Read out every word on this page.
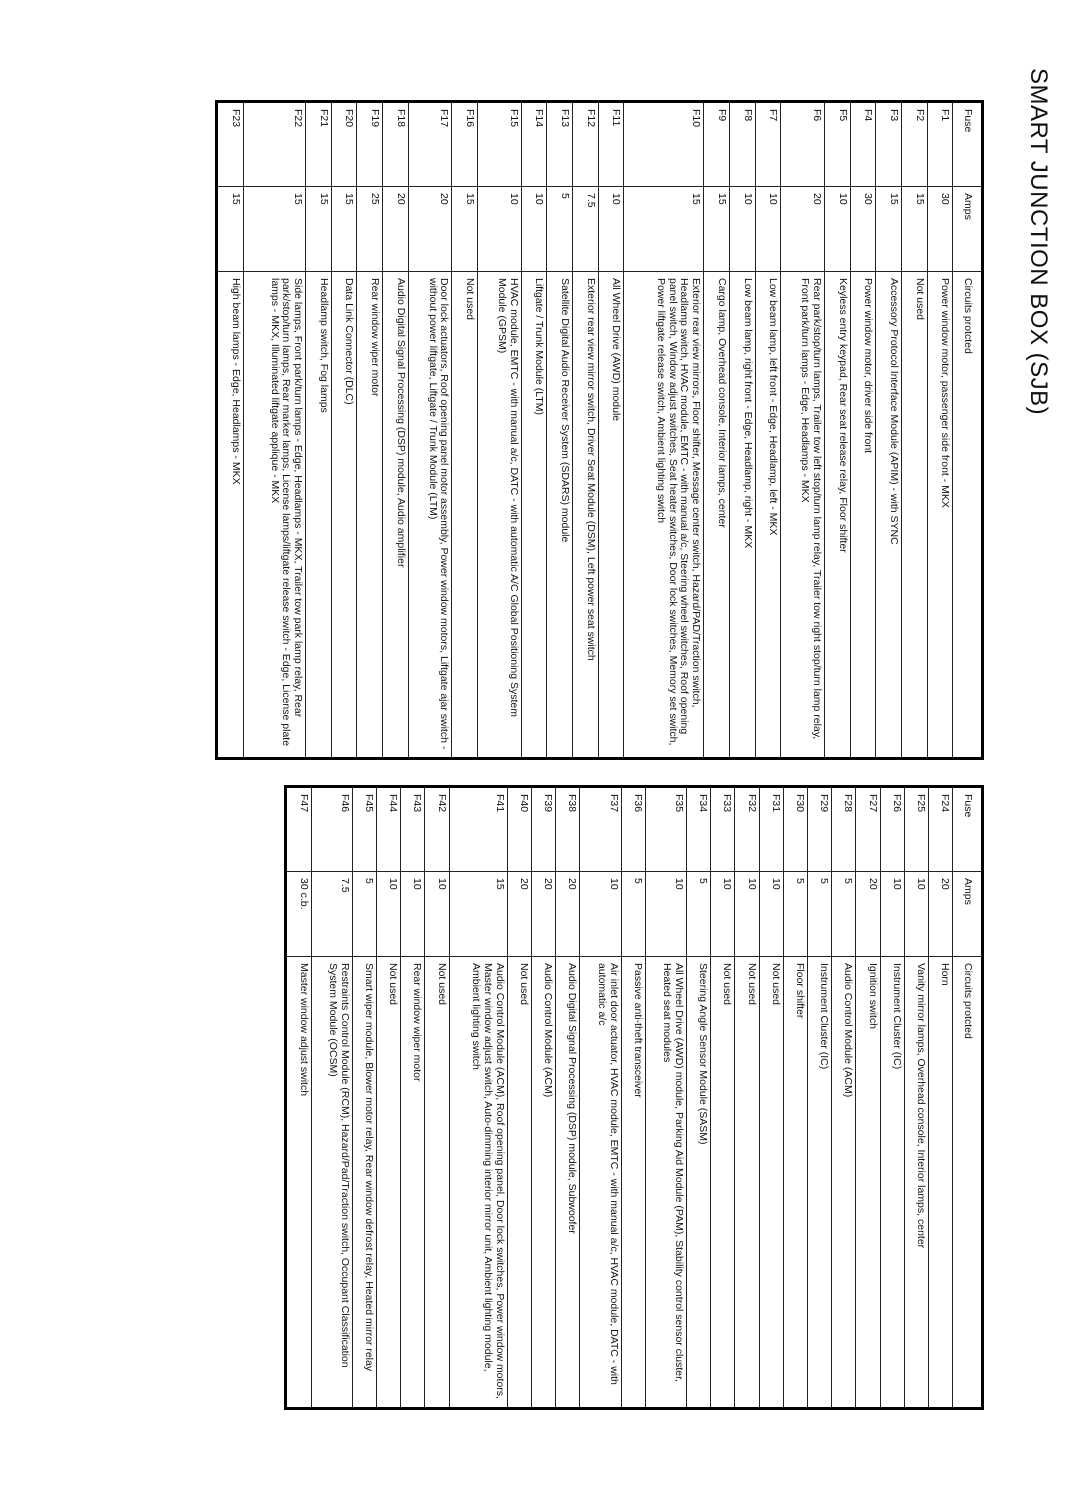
SMART JUNCTION BOX (SJB)
Fuse	Amps	Circuits protcted
F1	30	Power window motor, passenger side front - MKX
F2	15	Not used
F3	15	Accessory Protocol Interface Module (APIM) - with SYNC
F4	30	Power window motor, driver side front
F5	10	Keyless entry keypad, Rear seat release relay, Floor shifter
F6	20	Rear park/stop/turn lamps, Trailer tow left stop/turn lamp relay, Trailer tow right stop/turn lamp relay, Front park/turn lamps - Edge, Headlamps - MKX
F7	10	Low beam lamp, left front - Edge, Headlamp, left - MKX
F8	10	Low beam lamp, right front - Edge, Headlamp, right - MKX
F9	15	Cargo lamp, Overhead console, Interior lamps, center
F10	15	Exterior rear view mirrors, Floor shifter, Message center switch, Hazard/PAD/Traction switch, Headlamp switch, HVAC module, EMTC - with manual a/c, Steering wheel switches, Roof opening panel switch, Window adjust switches, Seat heater switches, Door lock switches, Memory set switch, Power liftgate release switch, Ambient lighting switch
F11	10	All Wheel Drive (AWD) module
F12	7.5	Exterior rear view mirror switch, Driver Seat Module (DSM), Left power seat switch
F13	5	Satellite Digital Audio Receiver System (SDARS) module
F14	10	Liftgate / Trunk Module (LTM)
F15	10	HVAC module, EMTC - with manual a/c, DATC - with automatic A/C Global Positioning System Module (GPSM)
F16	15	Not used
F17	20	Door lock actuators, Roof opening panel motor assembly, Power window motors, Liftgate ajar switch - without power liftgate, Liftgate / Trunk Module (LTM)
F18	20	Audio Digital Signal Processing (DSP) module, Audio amplifier
F19	25	Rear window wiper motor
F20	15	Data Link Connector (DLC)
F21	15	Headlamp switch, Fog lamps
F22	15	Side lamps, Front park/turn lamps - Edge, Headlamps - MKX, Trailer tow park lamp relay, Rear park/stop/turn lamps, Rear marker lamps, License lamps/liftgate release switch - Edge, License plate lamps - MKX, Illuminated liftgate applique - MKX
F23	15	High beam lamps - Edge, Headlamps - MKX
Fuse	Amps	Circuits protcted
F24	20	Horn
F25	10	Vanity mirror lamps, Overhead console, Interior lamps, center
F26	10	Instrument Cluster (IC)
F27	20	Ignition switch
F28	5	Audio Control Module (ACM)
F29	5	Instrument Cluster (IC)
F30	5	Floor shifter
F31	10	Not used
F32	10	Not used
F33	10	Not used
F34	5	Steering Angle Sensor Module (SASM)
F35	10	All Wheel Drive (AWD) module, Parking Aid Module (PAM), Stability control sensor cluster, Heated seat modules
F36	5	Passive anti-theft transceiver
F37	10	Air inlet door actuator, HVAC module, EMTC - with manual a/c, HVAC module, DATC - with automatic a/c
F38	20	Audio Digital Signal Processing (DSP) module, Subwoofer
F39	20	Audio Control Module (ACM)
F40	20	Not used
F41	15	Audio Control Module (ACM), Roof opening panel, Door lock switches, Power window motors, Master window adjust switch, Auto-dimming interior mirror unit, Ambient lighting module, Ambient lighting switch
F42	10	Not used
F43	10	Rear window wiper motor
F44	10	Not used
F45	5	Smart wiper module, Blower motor relay, Rear window defrost relay, Heated mirror relay
F46	7.5	Restraints Control Module (RCM), Hazard/Pad/Traction switch, Occupant Classification System Module (OCSM)
F47	30 c.b.	Master window adjust switch
